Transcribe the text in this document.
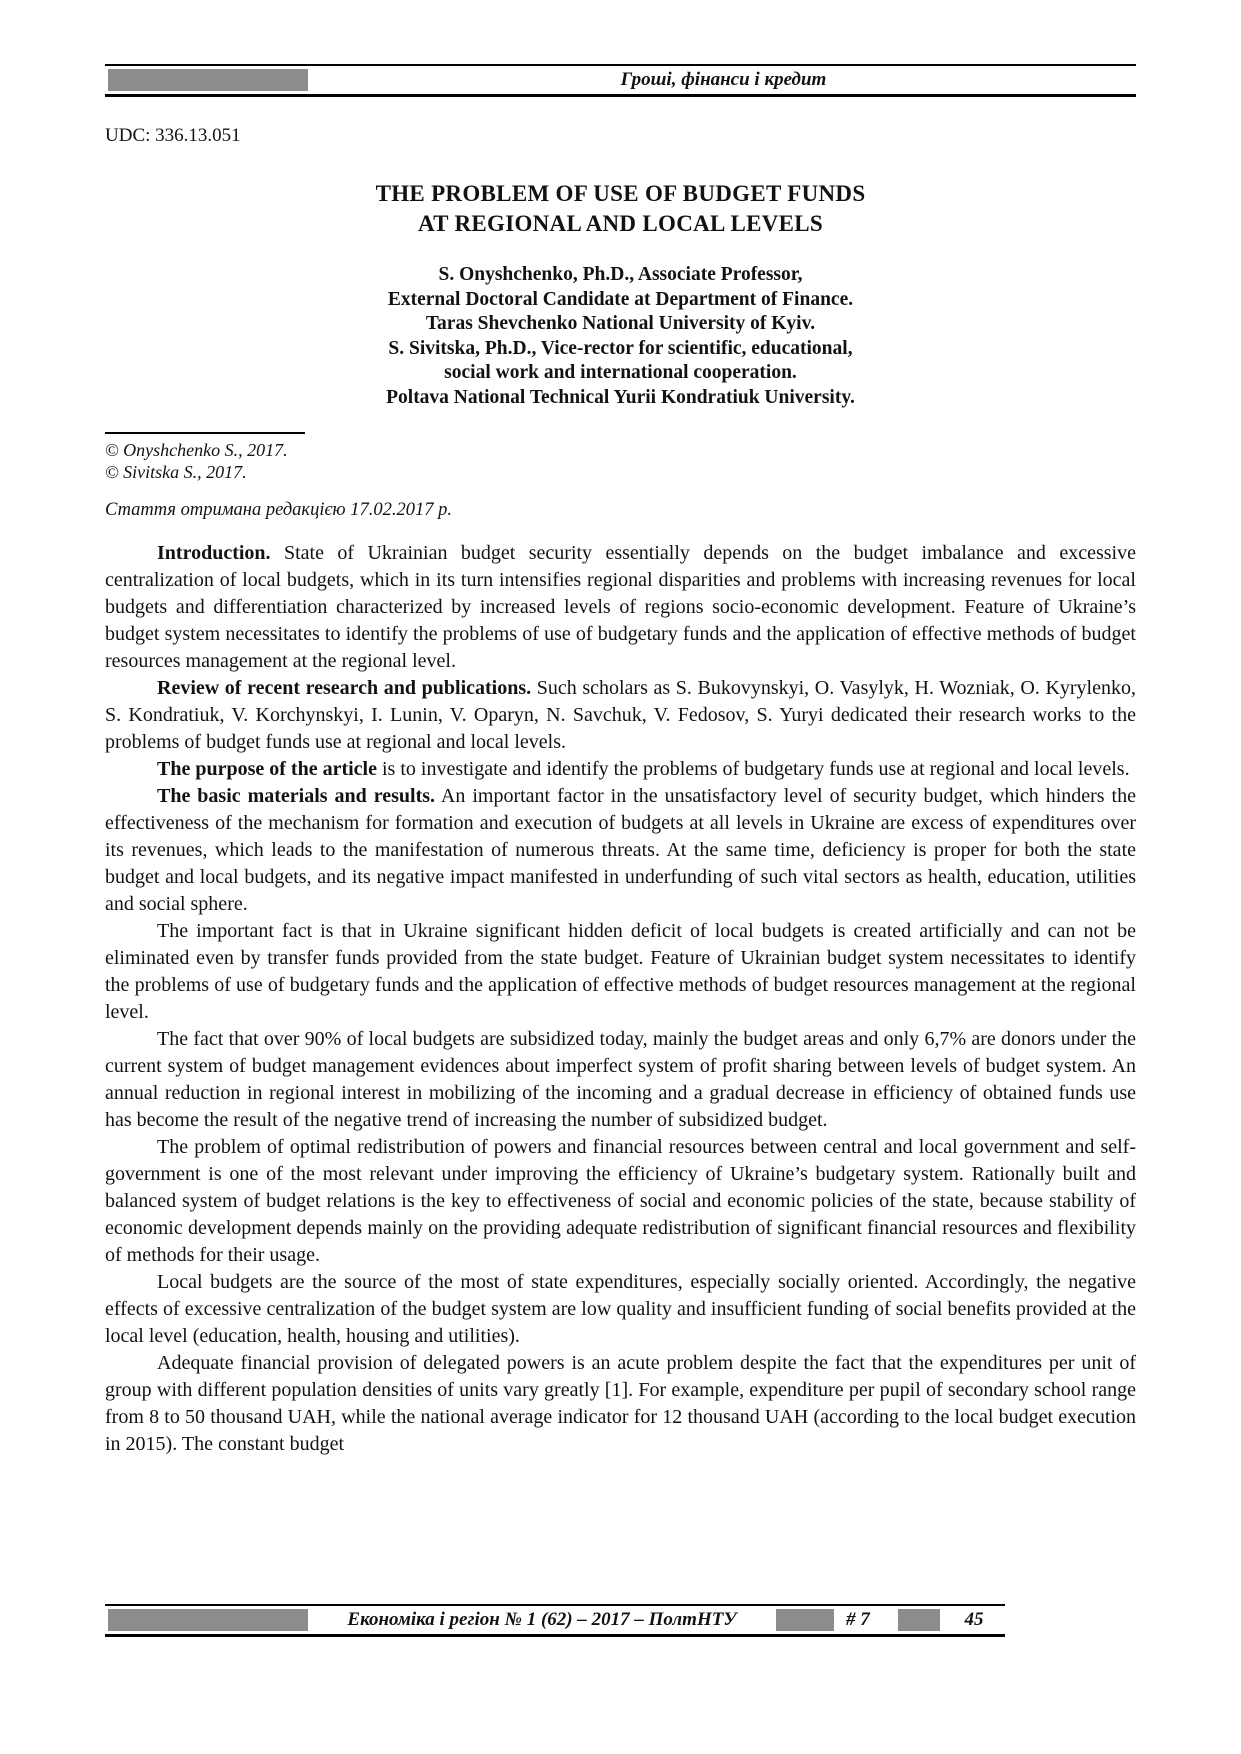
Гроші, фінанси і кредит
UDC: 336.13.051
THE PROBLEM OF USE OF BUDGET FUNDS
AT REGIONAL AND LOCAL LEVELS
S. Onyshchenko, Ph.D., Associate Professor,
External Doctoral Candidate at Department of Finance.
Taras Shevchenko National University of Kyiv.
S. Sivitska, Ph.D., Vice-rector for scientific, educational,
social work and international cooperation.
Poltava National Technical Yurii Kondratiuk University.
© Onyshchenko S., 2017.
© Sivitska S., 2017.
Стаття отримана редакцією 17.02.2017 р.

Introduction. State of Ukrainian budget security essentially depends on the budget imbalance and excessive centralization of local budgets, which in its turn intensifies regional disparities and problems with increasing revenues for local budgets and differentiation characterized by increased levels of regions socio-economic development. Feature of Ukraine’s budget system necessitates to identify the problems of use of budgetary funds and the application of effective methods of budget resources management at the regional level.

Review of recent research and publications. Such scholars as S. Bukovynskyi, O. Vasylyk, H. Wozniak, O. Kyrylenko, S. Kondratiuk, V. Korchynskyi, I. Lunin, V. Oparyn, N. Savchuk, V. Fedosov, S. Yuryi dedicated their research works to the problems of budget funds use at regional and local levels.

The purpose of the article is to investigate and identify the problems of budgetary funds use at regional and local levels.

The basic materials and results. An important factor in the unsatisfactory level of security budget, which hinders the effectiveness of the mechanism for formation and execution of budgets at all levels in Ukraine are excess of expenditures over its revenues, which leads to the manifestation of numerous threats. At the same time, deficiency is proper for both the state budget and local budgets, and its negative impact manifested in underfunding of such vital sectors as health, education, utilities and social sphere.

The important fact is that in Ukraine significant hidden deficit of local budgets is created artificially and can not be eliminated even by transfer funds provided from the state budget. Feature of Ukrainian budget system necessitates to identify the problems of use of budgetary funds and the application of effective methods of budget resources management at the regional level.

The fact that over 90% of local budgets are subsidized today, mainly the budget areas and only 6,7% are donors under the current system of budget management evidences about imperfect system of profit sharing between levels of budget system. An annual reduction in regional interest in mobilizing of the incoming and a gradual decrease in efficiency of obtained funds use has become the result of the negative trend of increasing the number of subsidized budget.

The problem of optimal redistribution of powers and financial resources between central and local government and self-government is one of the most relevant under improving the efficiency of Ukraine’s budgetary system. Rationally built and balanced system of budget relations is the key to effectiveness of social and economic policies of the state, because stability of economic development depends mainly on the providing adequate redistribution of significant financial resources and flexibility of methods for their usage.

Local budgets are the source of the most of state expenditures, especially socially oriented. Accordingly, the negative effects of excessive centralization of the budget system are low quality and insufficient funding of social benefits provided at the local level (education, health, housing and utilities).

Adequate financial provision of delegated powers is an acute problem despite the fact that the expenditures per unit of group with different population densities of units vary greatly [1]. For example, expenditure per pupil of secondary school range from 8 to 50 thousand UAH, while the national average indicator for 12 thousand UAH (according to the local budget execution in 2015). The constant budget

Економіка і регіон № 1 (62) – 2017 – ПолтНТУ	# 7	45
